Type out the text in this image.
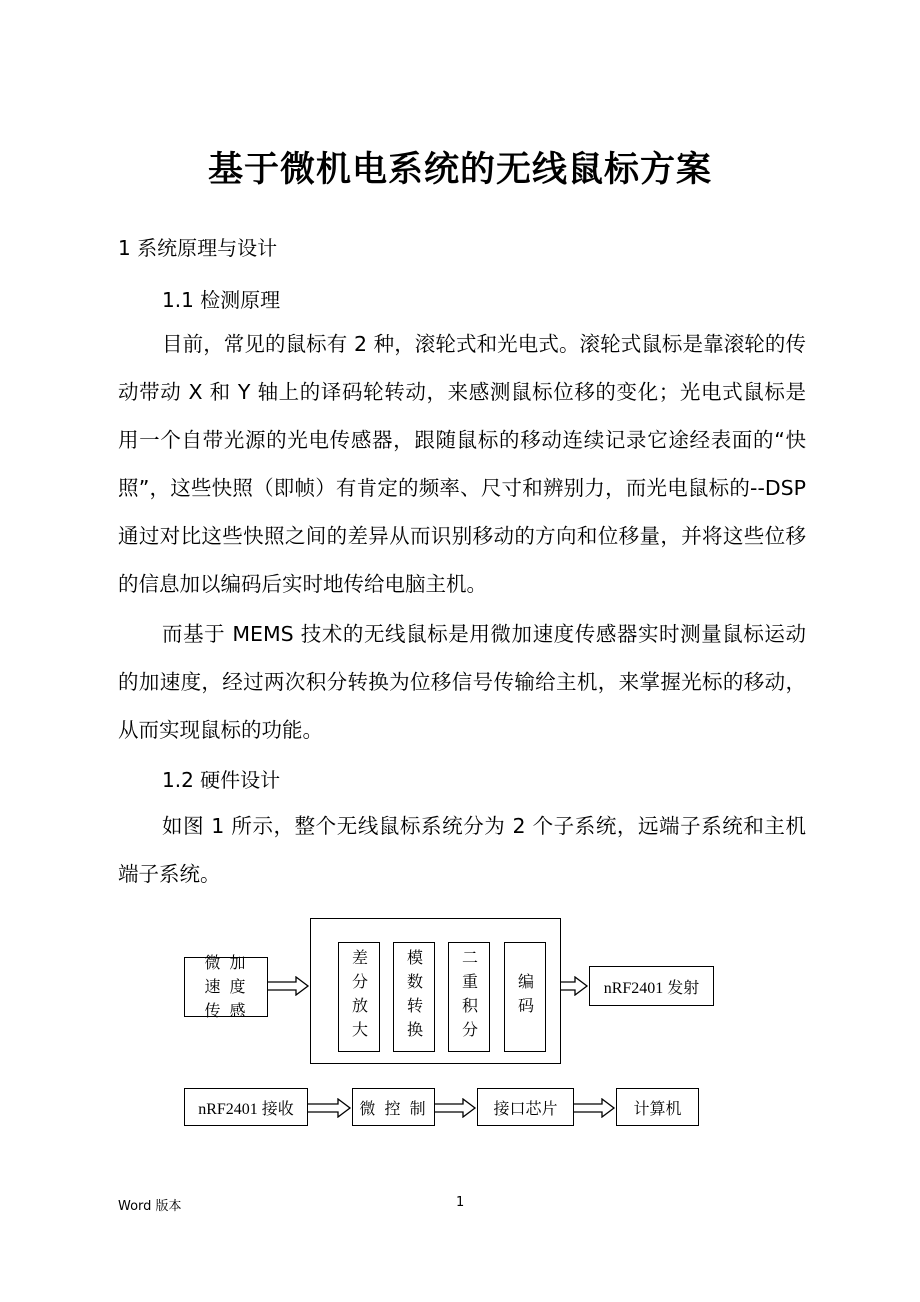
基于微机电系统的无线鼠标方案
1 系统原理与设计
1.1 检测原理

目前，常见的鼠标有 2 种，滚轮式和光电式。滚轮式鼠标是靠滚轮的传动带动 X 和 Y 轴上的译码轮转动，来感测鼠标位移的变化；光电式鼠标是用一个自带光源的光电传感器，跟随鼠标的移动连续记录它途经表面的“快照”，这些快照（即帧）有肯定的频率、尺寸和辨别力，而光电鼠标的--DSP 通过对比这些快照之间的差异从而识别移动的方向和位移量，并将这些位移的信息加以编码后实时地传给电脑主机。

而基于 MEMS 技术的无线鼠标是用微加速度传感器实时测量鼠标运动的加速度，经过两次积分转换为位移信号传输给主机，来掌握光标的移动，从而实现鼠标的功能。

1.2 硬件设计

如图 1 所示，整个无线鼠标系统分为 2 个子系统，远端子系统和主机端子系统。

微 加 速 度 传 感	差分放大	模数转换	二重积分	编码	nRF2401 发射
nRF2401 接收	微 控 制	接口芯片	计算机
Word 版本	1
